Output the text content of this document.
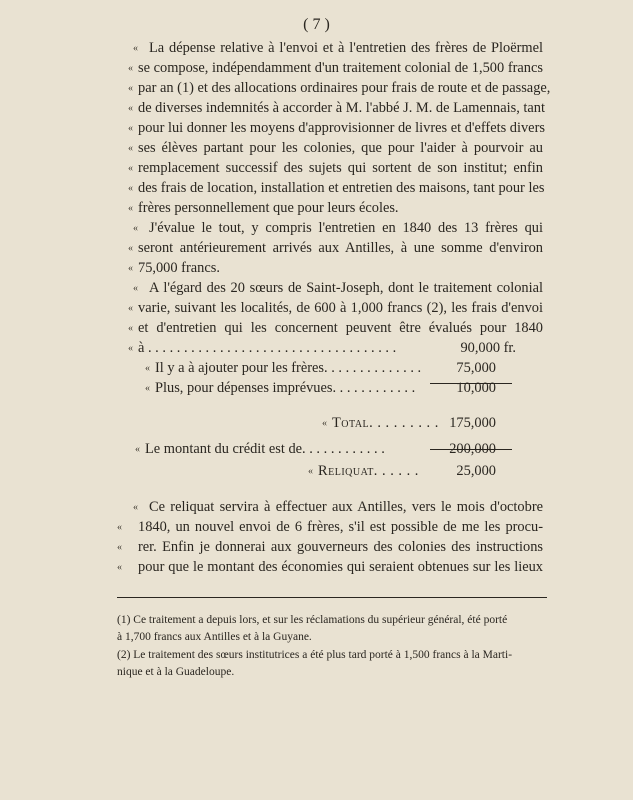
( 7 )
« La dépense relative à l'envoi et à l'entretien des frères de Ploërmel
« se compose, indépendamment d'un traitement colonial de 1,500 francs
« par an (1) et des allocations ordinaires pour frais de route et de passage,
« de diverses indemnités à accorder à M. l'abbé J. M. de Lamennais, tant
« pour lui donner les moyens d'approvisionner de livres et d'effets divers
« ses élèves partant pour les colonies, que pour l'aider à pourvoir au
« remplacement successif des sujets qui sortent de son institut; enfin
« des frais de location, installation et entretien des maisons, tant pour les
« frères personnellement que pour leurs écoles.
« J'évalue le tout, y compris l'entretien en 1840 des 13 frères qui
« seront antérieurement arrivés aux Antilles, à une somme d'environ
« 75,000 francs.
« A l'égard des 20 sœurs de Saint-Joseph, dont le traitement colonial
« varie, suivant les localités, de 600 à 1,000 francs (2), les frais d'envoi
« et d'entretien qui les concernent peuvent être évalués pour 1840
« à . . . . . . . . . . . . . . . . . . . . . . . . . . . . . . . . . . .	90,000 fr.
« Il y a à ajouter pour les frères. . . . . . . . . . . . . .	75,000
« Plus, pour dépenses imprévues. . . . . . . . . . . .	10,000
« Total. . . . . . . . . 175,000
« Le montant du crédit est de. . . . . . . . . . . .	200,000
« Reliquat. . . . . .	25,000
« Ce reliquat servira à effectuer aux Antilles, vers le mois d'octobre
« 1840, un nouvel envoi de 6 frères, s'il est possible de me les procu-
« rer. Enfin je donnerai aux gouverneurs des colonies des instructions
« pour que le montant des économies qui seraient obtenues sur les lieux
(1) Ce traitement a depuis lors, et sur les réclamations du supérieur général, été porté
à 1,700 francs aux Antilles et à la Guyane.
(2) Le traitement des sœurs institutrices a été plus tard porté à 1,500 francs à la Marti-
nique et à la Guadeloupe.
